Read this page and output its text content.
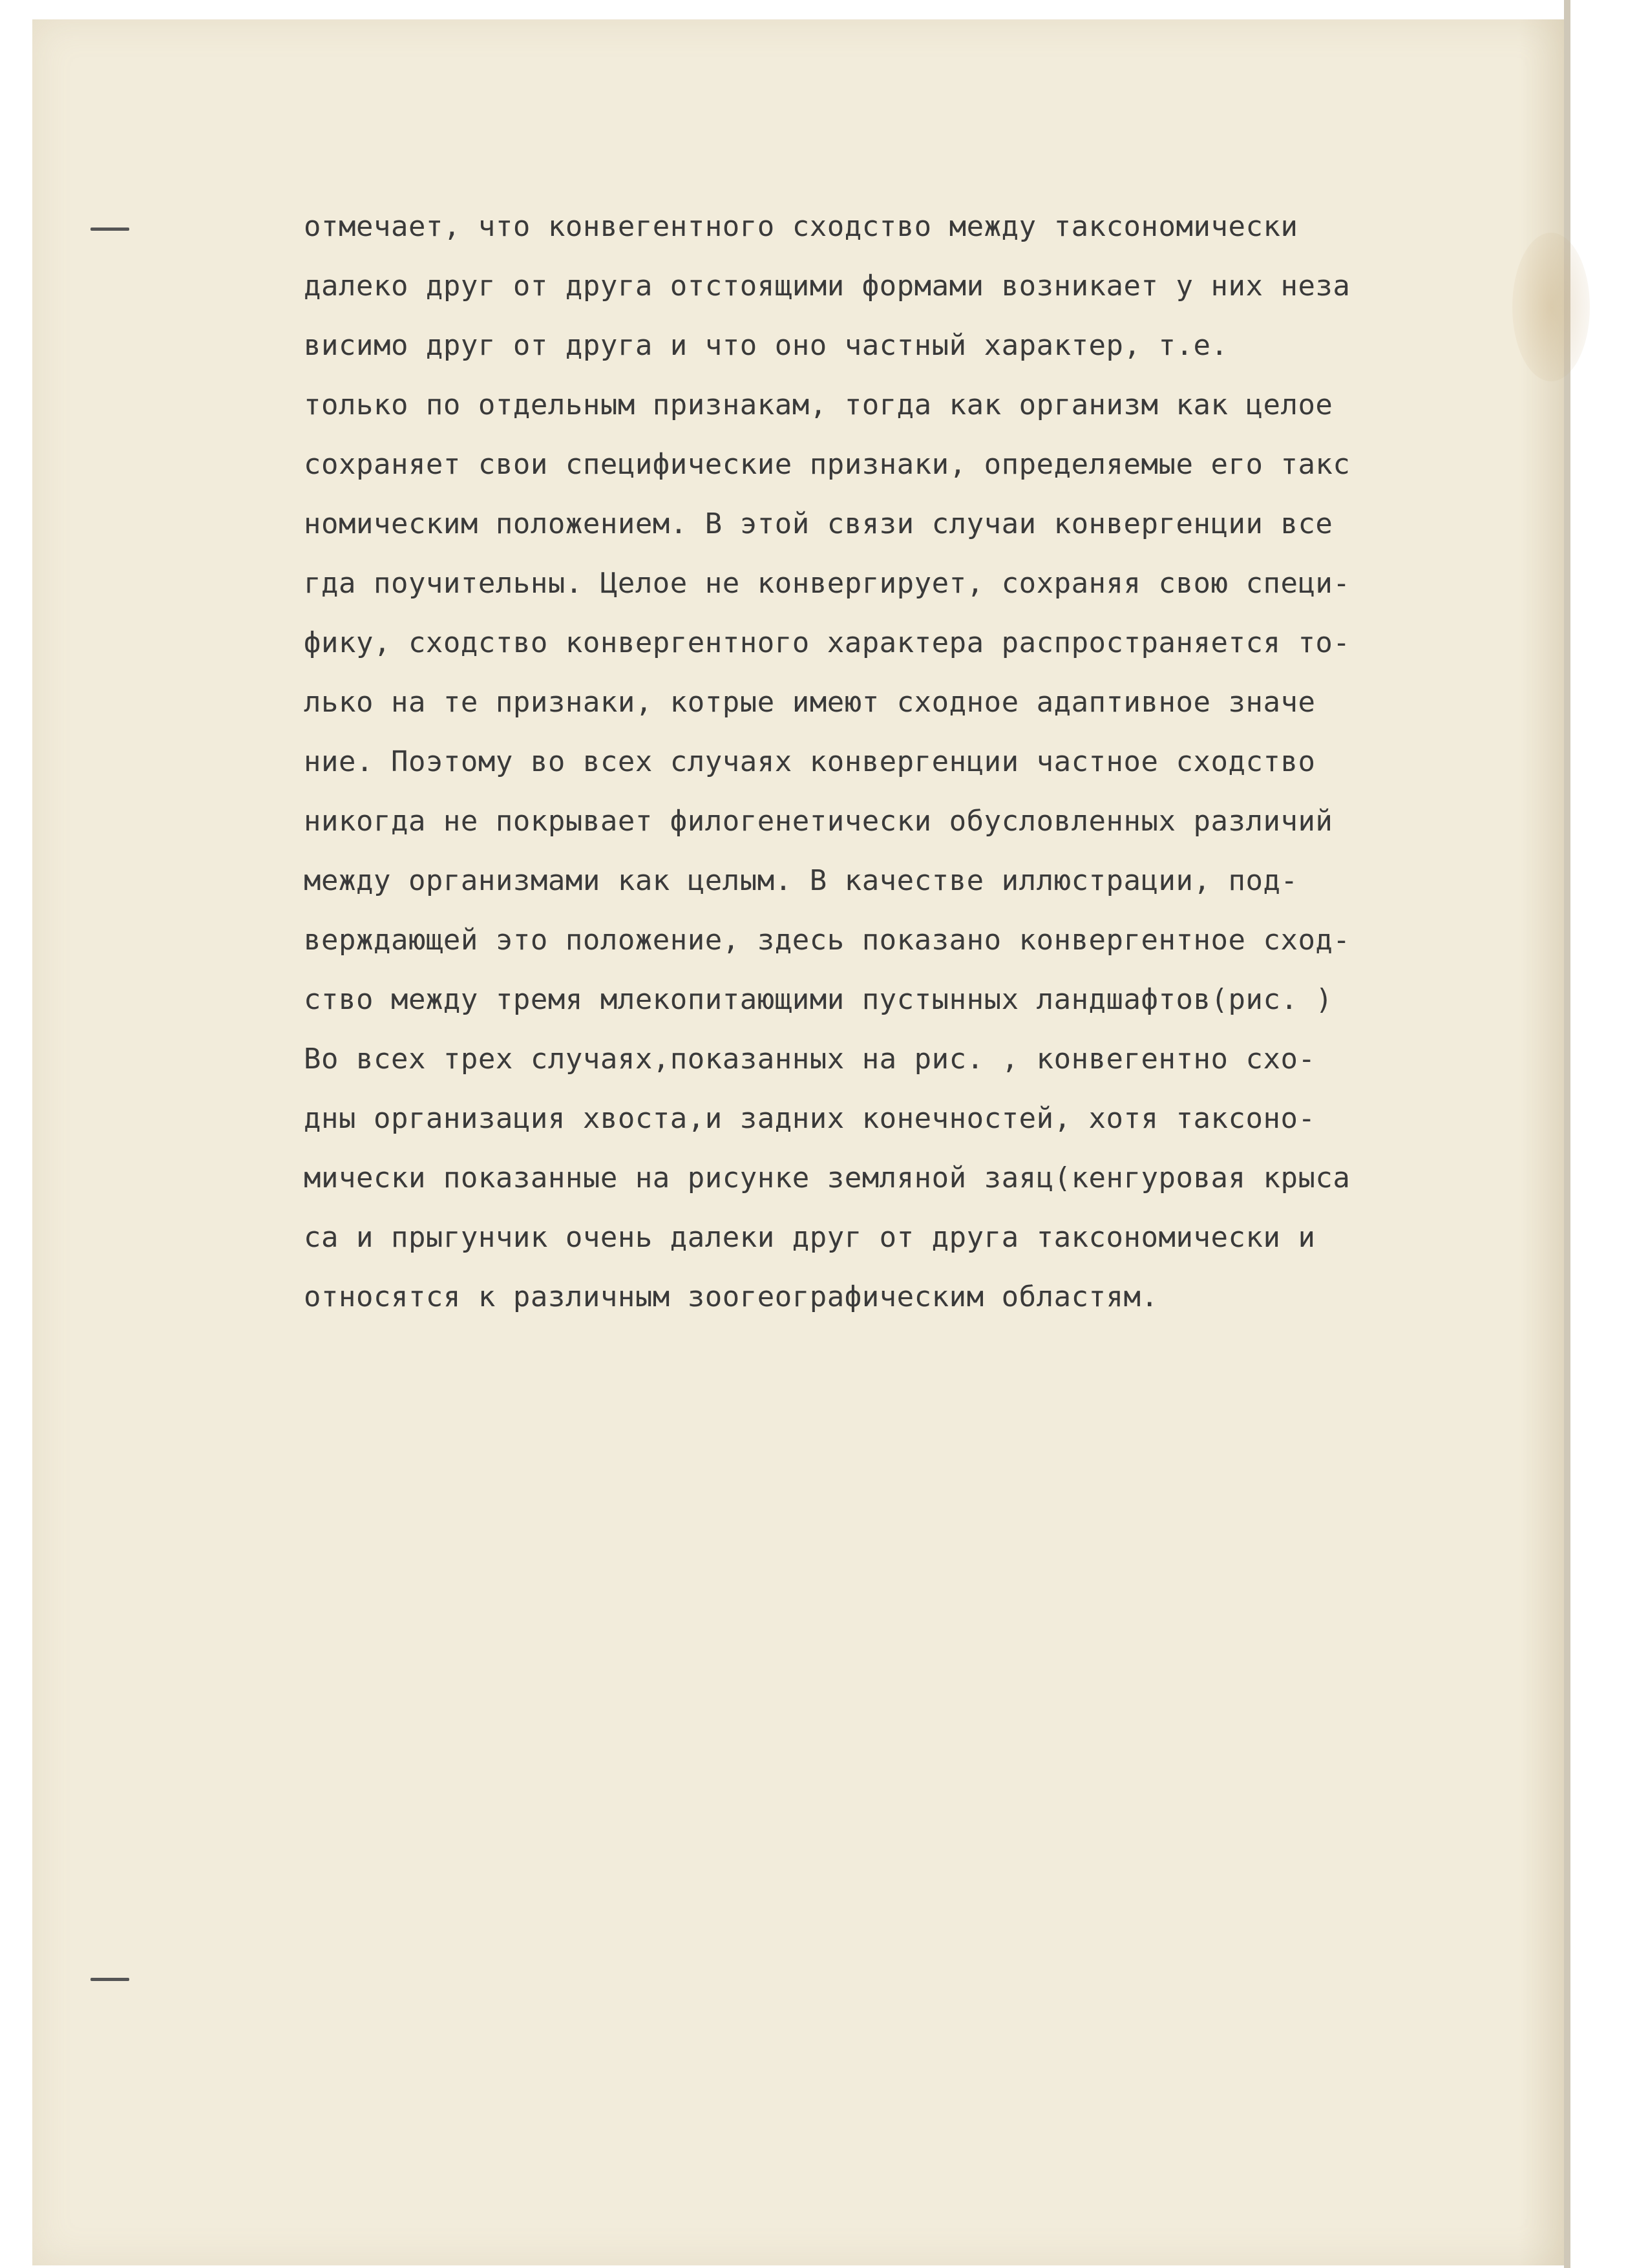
отмечает, что конвегентного сходство между таксономически
далеко друг от друга отстоящими формами возникает у них неза
висимо друг от друга и что оно частный характер, т.е.
только по отдельным признакам, тогда как организм как целое
сохраняет свои специфические признаки, определяемые его такс
номическим положением. В этой связи случаи конвергенции все
гда поучительны. Целое не конвергирует, сохраняя свою специ-
фику, сходство конвергентного характера распространяется то-
лько на те признаки, котрые имеют сходное адаптивное значе
ние. Поэтому во всех случаях конвергенции частное сходство
никогда не покрывает филогенетически обусловленных различий
между организмами как целым. В качестве иллюстрации, под-
верждающей это положение, здесь показано конвергентное сход-
ство между тремя млекопитающими пустынных ландшафтов(рис. )
Во всех трех случаях,показанных на рис. , конвегентно схо-
дны организация хвоста,и задних конечностей, хотя таксоно-
мически показанные на рисунке земляной заяц(кенгуровая крыса
са и прыгунчик очень далеки друг от друга таксономически и
относятся к различным зоогеографическим областям.
